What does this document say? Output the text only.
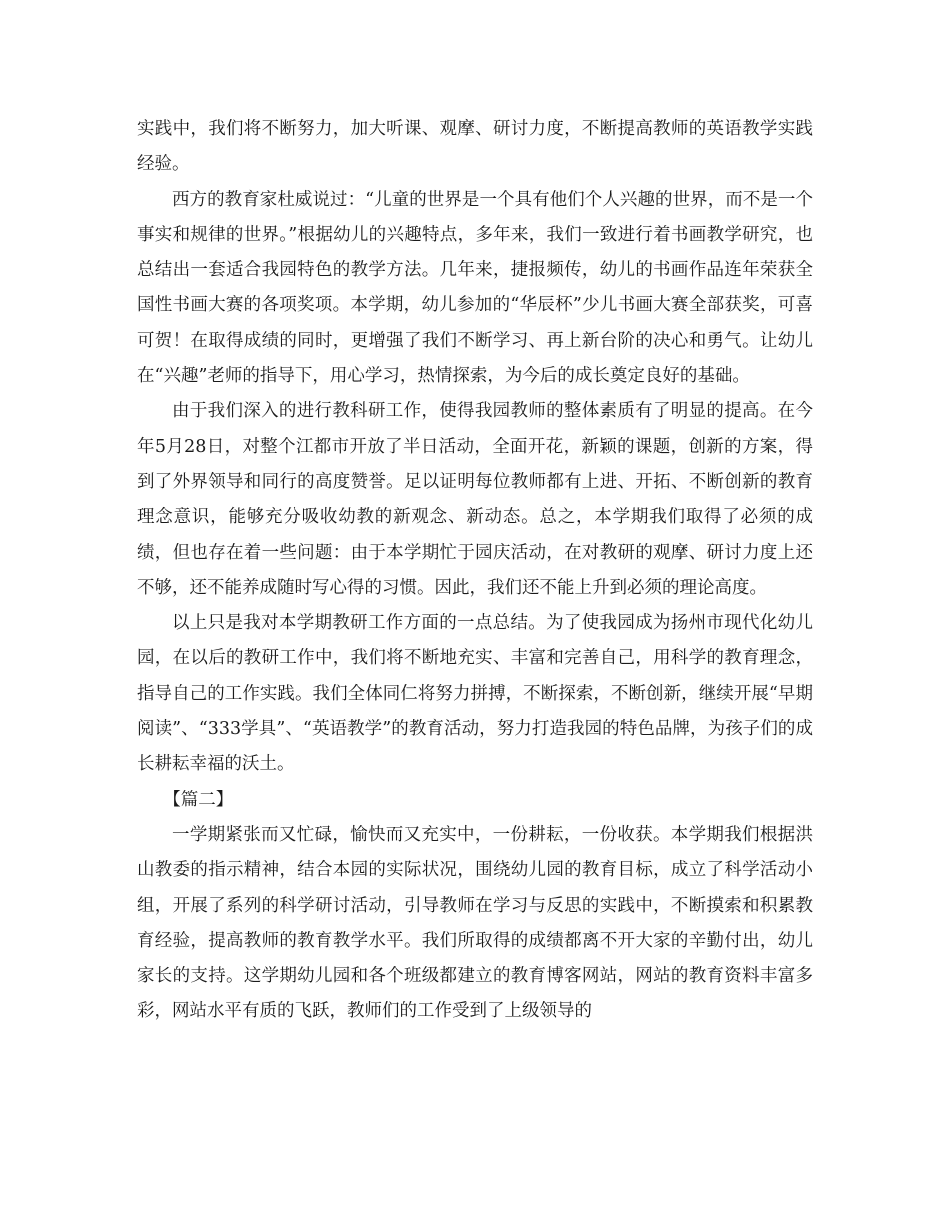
实践中，我们将不断努力，加大听课、观摩、研讨力度，不断提高教师的英语教学实践经验。

西方的教育家杜威说过：“儿童的世界是一个具有他们个人兴趣的世界，而不是一个事实和规律的世界。”根据幼儿的兴趣特点，多年来，我们一致进行着书画教学研究，也总结出一套适合我园特色的教学方法。几年来，捷报频传，幼儿的书画作品连年荣获全国性书画大赛的各项奖项。本学期，幼儿参加的“华辰杯”少儿书画大赛全部获奖，可喜可贺！在取得成绩的同时，更增强了我们不断学习、再上新台阶的决心和勇气。让幼儿在“兴趣”老师的指导下，用心学习，热情探索，为今后的成长奠定良好的基础。

由于我们深入的进行教科研工作，使得我园教师的整体素质有了明显的提高。在今年5月28日，对整个江都市开放了半日活动，全面开花，新颖的课题，创新的方案，得到了外界领导和同行的高度赞誉。足以证明每位教师都有上进、开拓、不断创新的教育理念意识，能够充分吸收幼教的新观念、新动态。总之，本学期我们取得了必须的成绩，但也存在着一些问题：由于本学期忙于园庆活动，在对教研的观摩、研讨力度上还不够，还不能养成随时写心得的习惯。因此，我们还不能上升到必须的理论高度。

以上只是我对本学期教研工作方面的一点总结。为了使我园成为扬州市现代化幼儿园，在以后的教研工作中，我们将不断地充实、丰富和完善自己，用科学的教育理念，指导自己的工作实践。我们全体同仁将努力拼搏，不断探索，不断创新，继续开展“早期阅读”、“333学具”、“英语教学”的教育活动，努力打造我园的特色品牌，为孩子们的成长耕耘幸福的沃土。

【篇二】

一学期紧张而又忙碌，愉快而又充实中，一份耕耘，一份收获。本学期我们根据洪山教委的指示精神，结合本园的实际状况，围绕幼儿园的教育目标，成立了科学活动小组，开展了系列的科学研讨活动，引导教师在学习与反思的实践中，不断摸索和积累教育经验，提高教师的教育教学水平。我们所取得的成绩都离不开大家的辛勤付出，幼儿家长的支持。这学期幼儿园和各个班级都建立的教育博客网站，网站的教育资料丰富多彩，网站水平有质的飞跃，教师们的工作受到了上级领导的
